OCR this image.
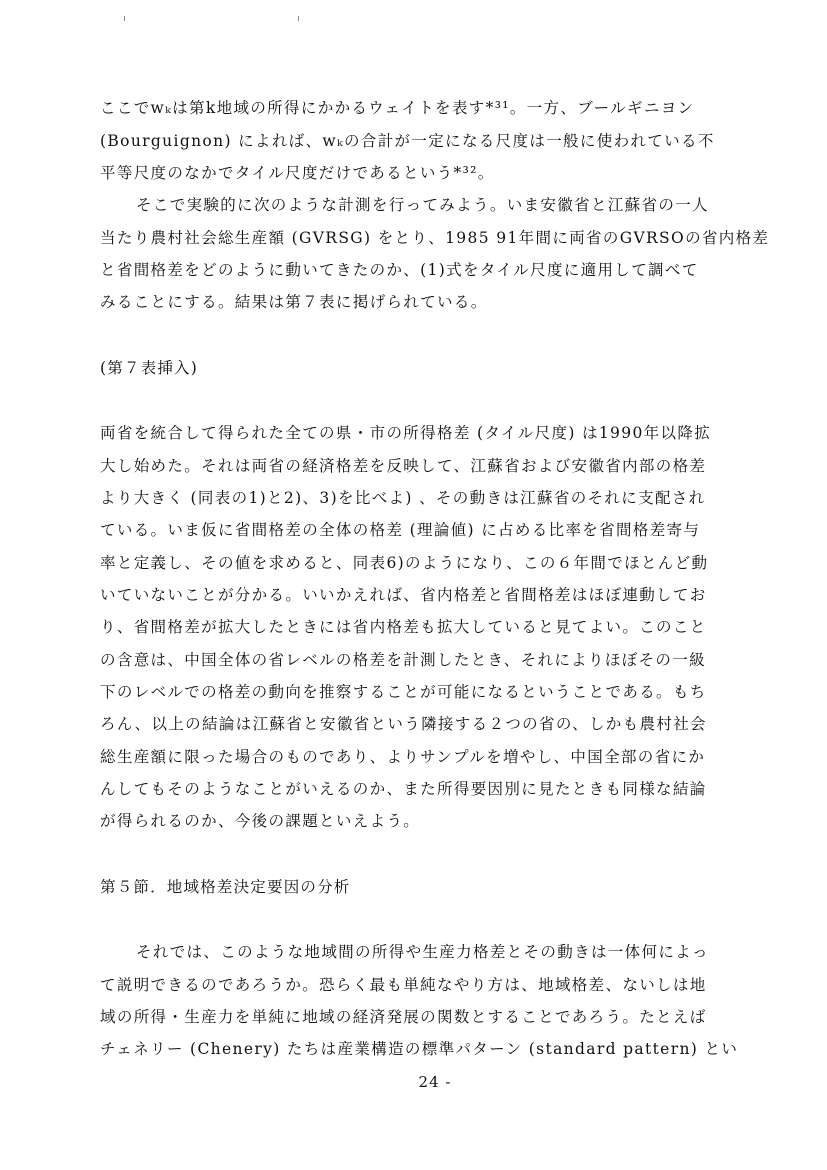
ここでwₖは第k地域の所得にかかるウェイトを表す*³¹。一方、ブールギニヨン
(Bourguignon) によれば、wₖの合計が一定になる尺度は一般に使われている不
平等尺度のなかでタイル尺度だけであるという*³²。
そこで実験的に次のような計測を行ってみよう。いま安徽省と江蘇省の一人
当たり農村社会総生産額 (GVRSG) をとり、1985 91年間に両省のGVRSOの省内格差
と省間格差をどのように動いてきたのか、(1)式をタイル尺度に適用して調べて
みることにする。結果は第７表に掲げられている。
(第７表挿入)
両省を統合して得られた全ての県・市の所得格差 (タイル尺度) は1990年以降拡
大し始めた。それは両省の経済格差を反映して、江蘇省および安徽省内部の格差
より大きく (同表の1)と2)、3)を比べよ) 、その動きは江蘇省のそれに支配され
ている。いま仮に省間格差の全体の格差 (理論値) に占める比率を省間格差寄与
率と定義し、その値を求めると、同表6)のようになり、この６年間でほとんど動
いていないことが分かる。いいかえれば、省内格差と省間格差はほぼ連動してお
り、省間格差が拡大したときには省内格差も拡大していると見てよい。このこと
の含意は、中国全体の省レベルの格差を計測したとき、それによりほぼその一級
下のレベルでの格差の動向を推察することが可能になるということである。もち
ろん、以上の結論は江蘇省と安徽省という隣接する２つの省の、しかも農村社会
総生産額に限った場合のものであり、よりサンプルを増やし、中国全部の省にか
んしてもそのようなことがいえるのか、また所得要因別に見たときも同様な結論
が得られるのか、今後の課題といえよう。
第５節．地域格差決定要因の分析
それでは、このような地域間の所得や生産力格差とその動きは一体何によっ
て説明できるのであろうか。恐らく最も単純なやり方は、地域格差、ないしは地
域の所得・生産力を単純に地域の経済発展の関数とすることであろう。たとえば
チェネリー (Chenery) たちは産業構造の標準パターン (standard pattern) とい
24 -
